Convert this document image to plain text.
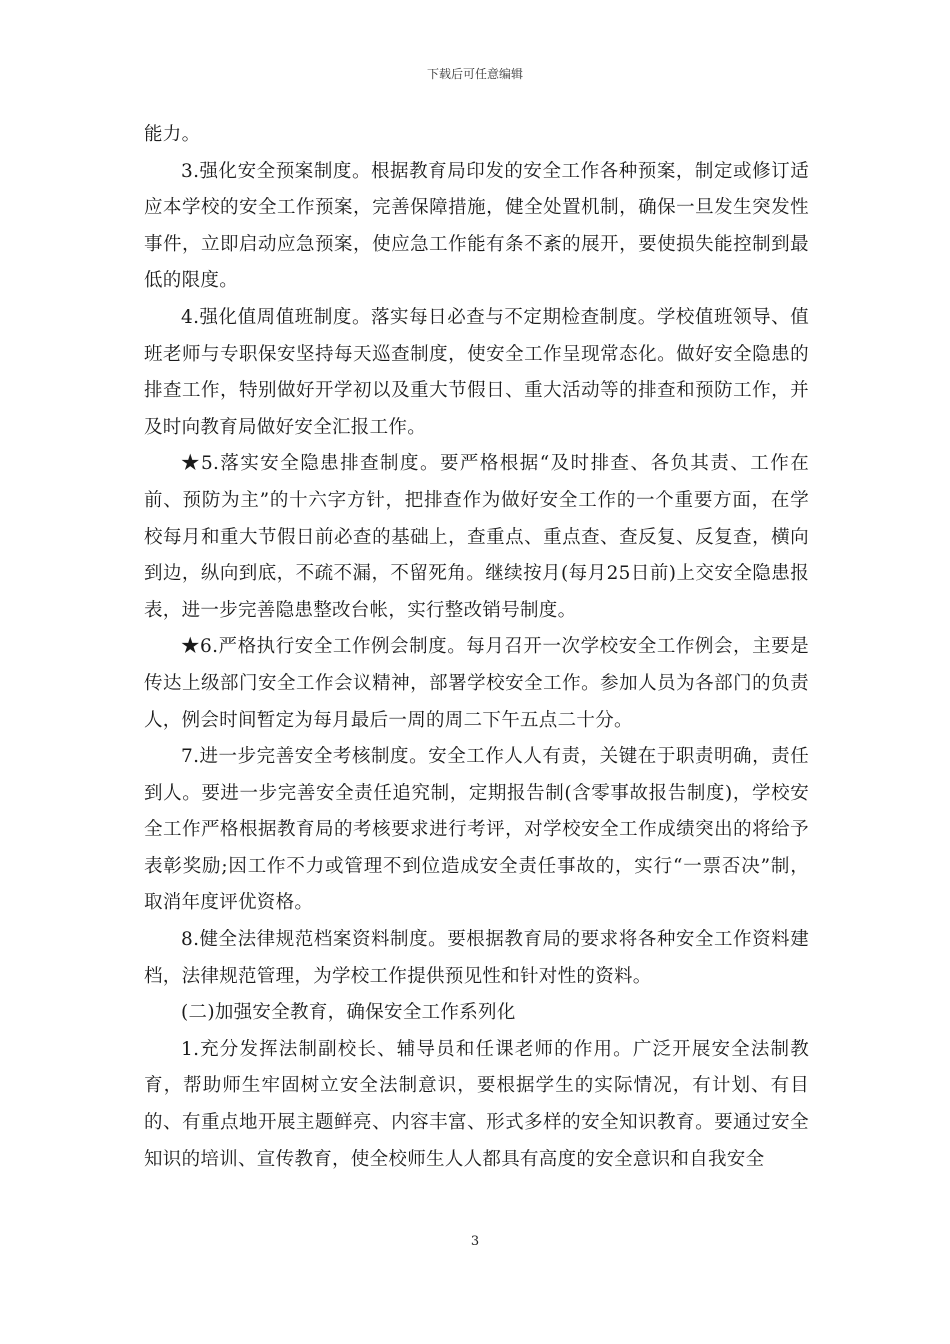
下载后可任意编辑

能力。

3.强化安全预案制度。根据教育局印发的安全工作各种预案，制定或修订适应本学校的安全工作预案，完善保障措施，健全处置机制，确保一旦发生突发性事件，立即启动应急预案，使应急工作能有条不紊的展开，要使损失能控制到最低的限度。

4.强化值周值班制度。落实每日必查与不定期检查制度。学校值班领导、值班老师与专职保安坚持每天巡查制度，使安全工作呈现常态化。做好安全隐患的排查工作，特别做好开学初以及重大节假日、重大活动等的排查和预防工作，并及时向教育局做好安全汇报工作。

★5.落实安全隐患排查制度。要严格根据“及时排查、各负其责、工作在前、预防为主”的十六字方针，把排查作为做好安全工作的一个重要方面，在学校每月和重大节假日前必查的基础上，查重点、重点查、查反复、反复查，横向到边，纵向到底，不疏不漏，不留死角。继续按月(每月25日前)上交安全隐患报表，进一步完善隐患整改台帐，实行整改销号制度。

★6.严格执行安全工作例会制度。每月召开一次学校安全工作例会，主要是传达上级部门安全工作会议精神，部署学校安全工作。参加人员为各部门的负责人，例会时间暂定为每月最后一周的周二下午五点二十分。

7.进一步完善安全考核制度。安全工作人人有责，关键在于职责明确，责任到人。要进一步完善安全责任追究制，定期报告制(含零事故报告制度)，学校安全工作严格根据教育局的考核要求进行考评，对学校安全工作成绩突出的将给予表彰奖励;因工作不力或管理不到位造成安全责任事故的，实行“一票否决”制，取消年度评优资格。

8.健全法律规范档案资料制度。要根据教育局的要求将各种安全工作资料建档，法律规范管理，为学校工作提供预见性和针对性的资料。

(二)加强安全教育，确保安全工作系列化

1.充分发挥法制副校长、辅导员和任课老师的作用。广泛开展安全法制教育，帮助师生牢固树立安全法制意识，要根据学生的实际情况，有计划、有目的、有重点地开展主题鲜亮、内容丰富、形式多样的安全知识教育。要通过安全知识的培训、宣传教育，使全校师生人人都具有高度的安全意识和自我安全

3
